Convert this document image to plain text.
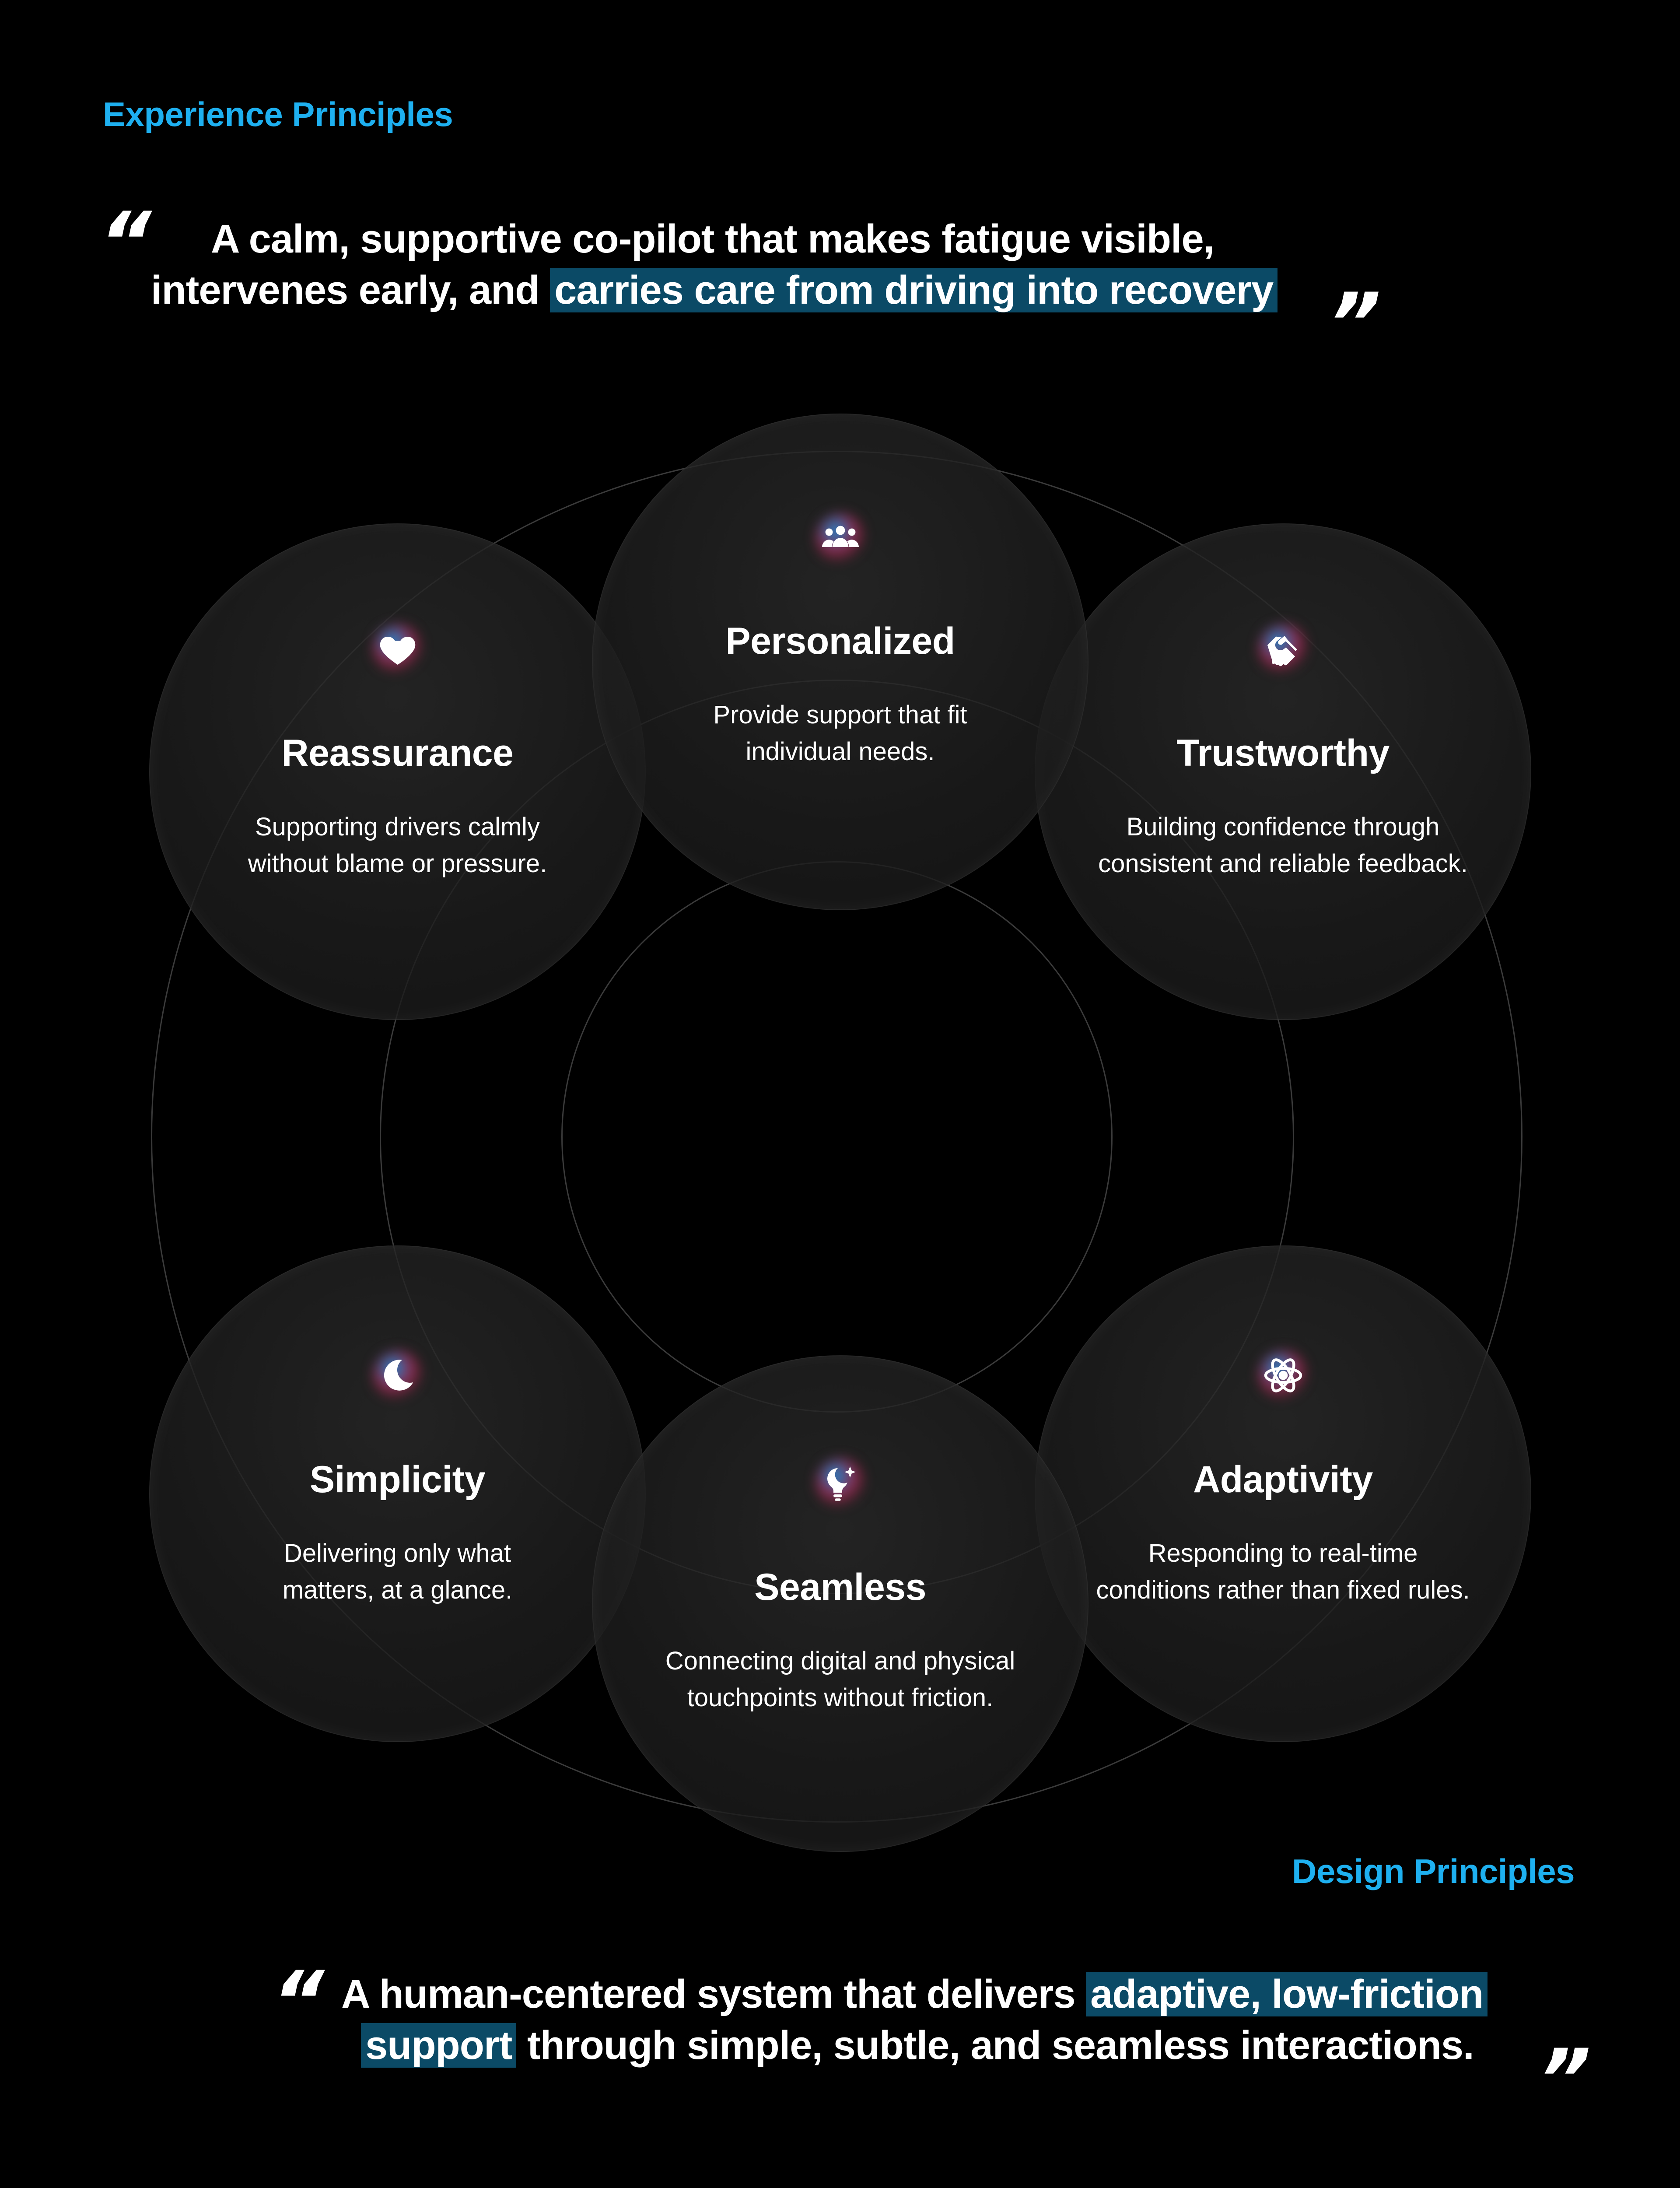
Experience Principles
“	A calm, supportive co-pilot that makes fatigue visible,
intervenes early, and carries care from driving into recovery ”
Reassurance

Supporting drivers calmly
without blame or pressure.

Trustworthy

Building confidence through
consistent and reliable feedback.

Simplicity

Delivering only what
matters, at a glance.

Adaptivity

Responding to real-time
conditions rather than fixed rules.

Personalized

Provide support that fit
individual needs.

Seamless

Connecting digital and physical
touchpoints without friction.

Design Principles
“ A human-centered system that delivers adaptive, low-friction
support through simple, subtle, and seamless interactions. ”
